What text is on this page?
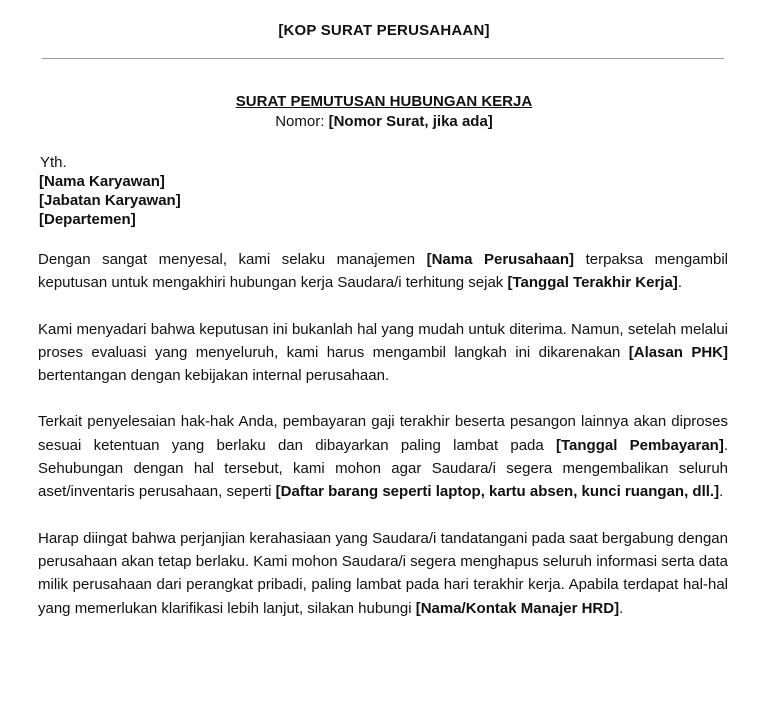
[KOP SURAT PERUSAHAAN]
SURAT PEMUTUSAN HUBUNGAN KERJA
Nomor: [Nomor Surat, jika ada]
Yth.
[Nama Karyawan]
[Jabatan Karyawan]
[Departemen]

Dengan sangat menyesal, kami selaku manajemen [Nama Perusahaan] terpaksa mengambil keputusan untuk mengakhiri hubungan kerja Saudara/i terhitung sejak [Tanggal Terakhir Kerja].

Kami menyadari bahwa keputusan ini bukanlah hal yang mudah untuk diterima. Namun, setelah melalui proses evaluasi yang menyeluruh, kami harus mengambil langkah ini dikarenakan [Alasan PHK] bertentangan dengan kebijakan internal perusahaan.

Terkait penyelesaian hak-hak Anda, pembayaran gaji terakhir beserta pesangon lainnya akan diproses sesuai ketentuan yang berlaku dan dibayarkan paling lambat pada [Tanggal Pembayaran]. Sehubungan dengan hal tersebut, kami mohon agar Saudara/i segera mengembalikan seluruh aset/inventaris perusahaan, seperti [Daftar barang seperti laptop, kartu absen, kunci ruangan, dll.].

Harap diingat bahwa perjanjian kerahasiaan yang Saudara/i tandatangani pada saat bergabung dengan perusahaan akan tetap berlaku. Kami mohon Saudara/i segera menghapus seluruh informasi serta data milik perusahaan dari perangkat pribadi, paling lambat pada hari terakhir kerja. Apabila terdapat hal-hal yang memerlukan klarifikasi lebih lanjut, silakan hubungi [Nama/Kontak Manajer HRD].
